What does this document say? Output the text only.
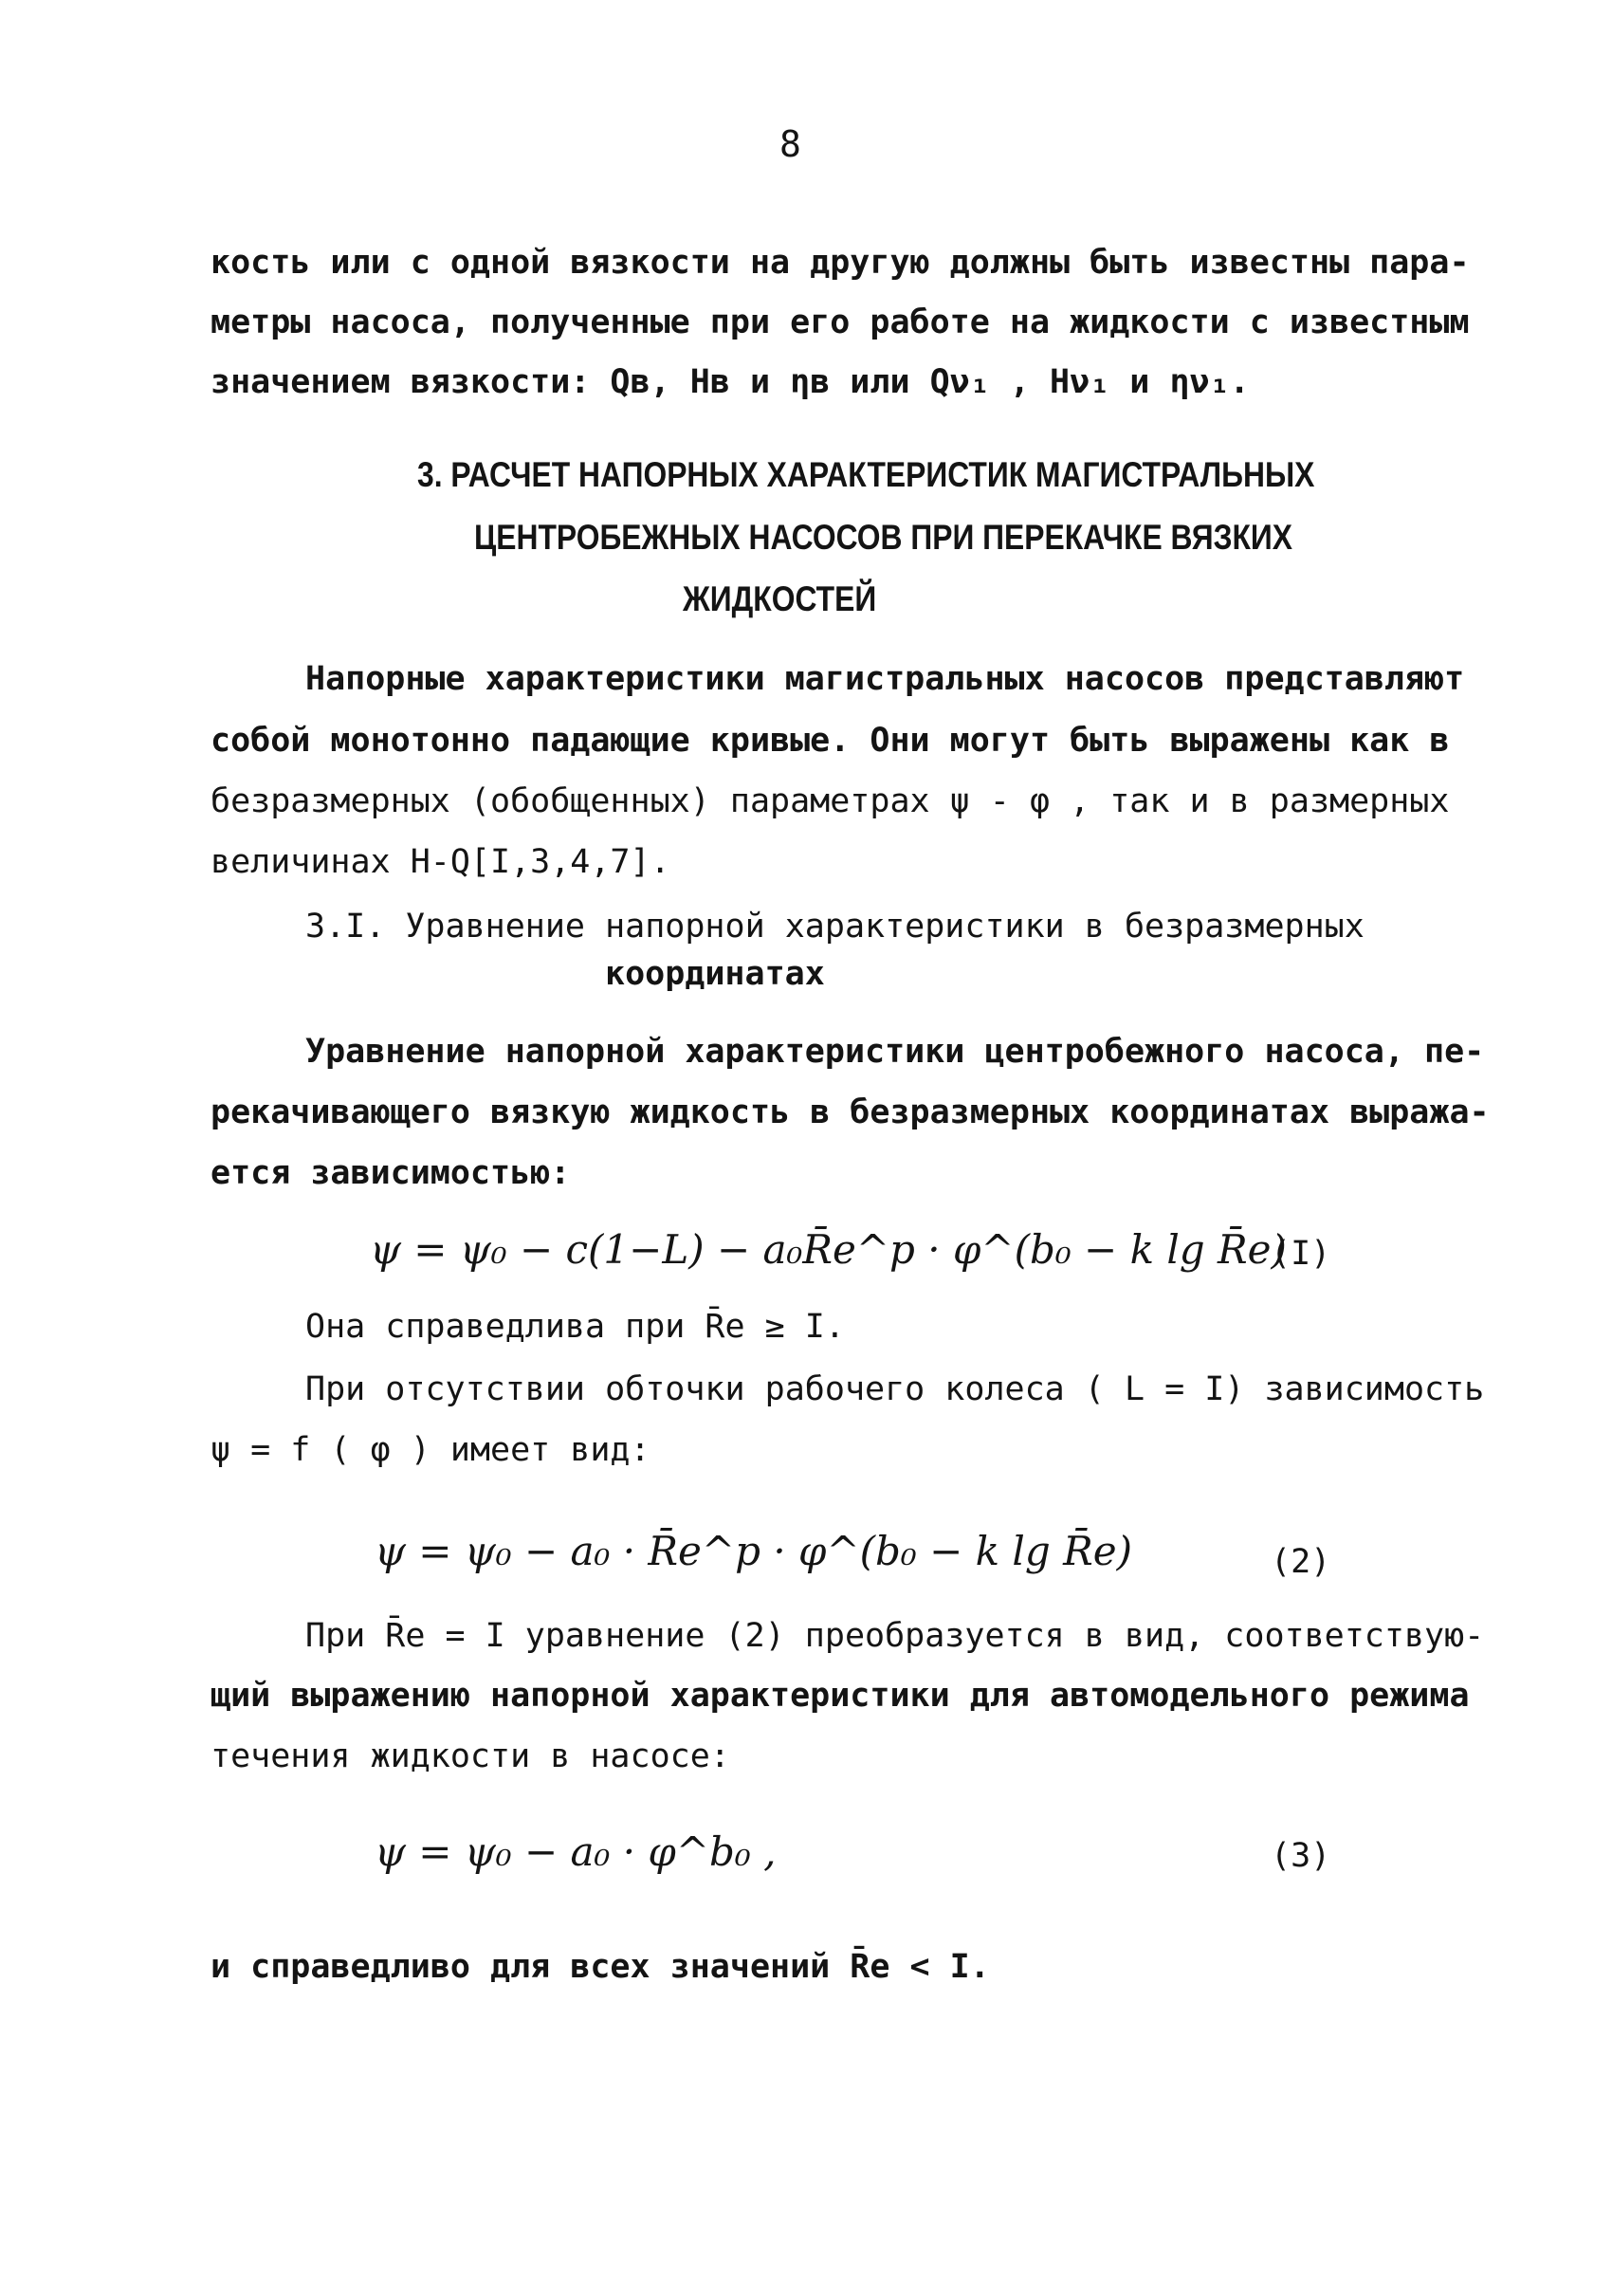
8
кость или с одной вязкости на другую должны быть известны пара-
метры насоса, полученные при его работе на жидкости с известным
значением вязкости: Qв, Hв и ηв или Qν₁ , Hν₁ и ην₁.
3. РАСЧЕТ НАПОРНЫХ ХАРАКТЕРИСТИК МАГИСТРАЛЬНЫХ
ЦЕНТРОБЕЖНЫХ НАСОСОВ ПРИ ПЕРЕКАЧКЕ ВЯЗКИХ
ЖИДКОСТЕЙ
Напорные характеристики магистральных насосов представляют
собой монотонно падающие кривые. Они могут быть выражены как в
безразмерных (обобщенных) параметрах ψ - φ , так и в размерных
величинах H-Q[I,3,4,7].
3.I. Уравнение напорной характеристики в безразмерных
координатах
Уравнение напорной характеристики центробежного насоса, пе-
рекачивающего вязкую жидкость в безразмерных координатах выража-
ется зависимостью:
ψ = ψ₀ − c(1−L) − a₀R̄e^p · φ^(b₀ − k lg R̄e)
(I)
Она справедлива при R̄e ≥ I.
При отсутствии обточки рабочего колеса ( L = I) зависимость
ψ = f ( φ ) имеет вид:
ψ = ψ₀ − a₀ · R̄e^p · φ^(b₀ − k lg R̄e)	(2)
При R̄e = I уравнение (2) преобразуется в вид, соответствую-
щий выражению напорной характеристики для автомодельного режима
течения жидкости в насосе:
ψ = ψ₀ − a₀ · φ^b₀ ,	(3)
и справедливо для всех значений R̄e < I.
